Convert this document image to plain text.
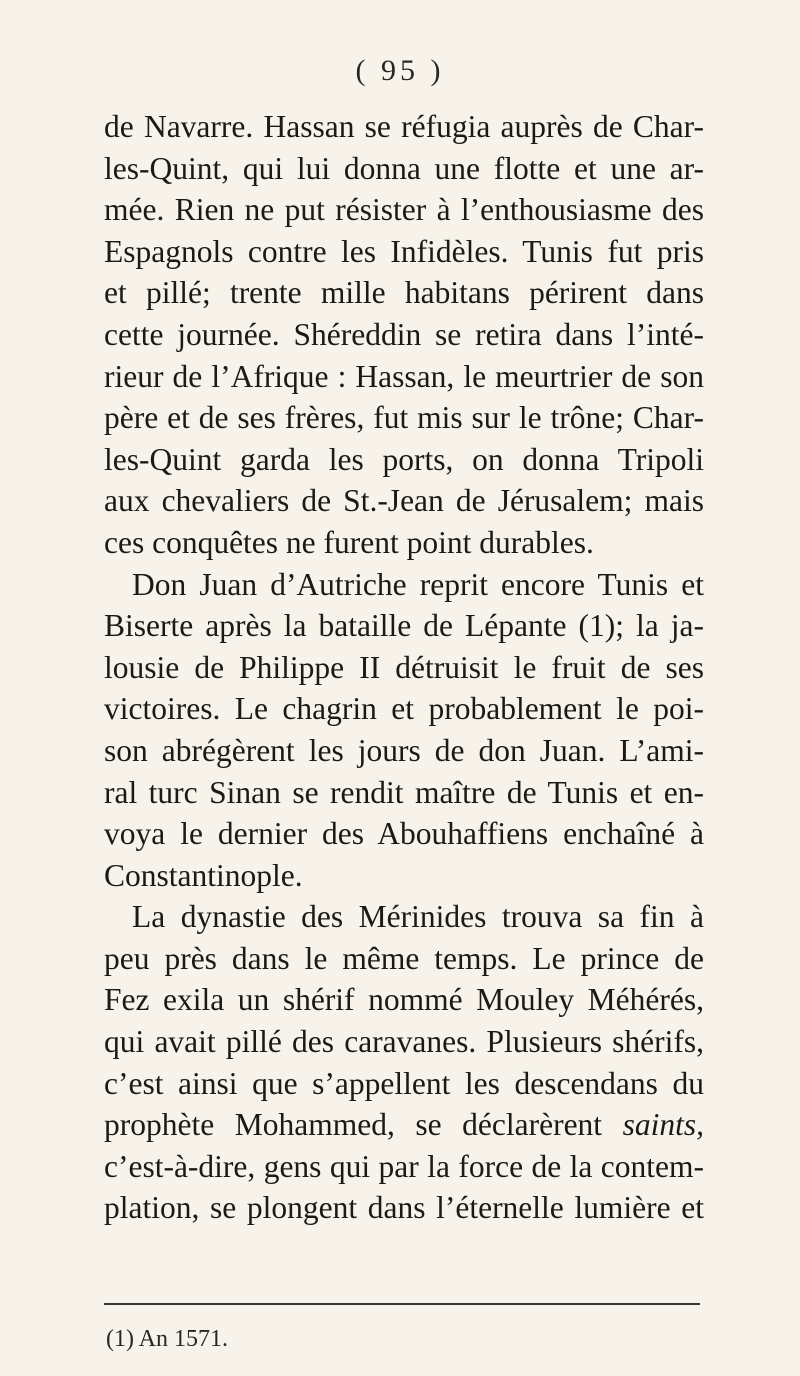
( 95 )
de Navarre. Hassan se réfugia auprès de Char-
les-Quint, qui lui donna une flotte et une ar-
mée. Rien ne put résister à l’enthousiasme des
Espagnols contre les Infidèles. Tunis fut pris
et pillé; trente mille habitans périrent dans
cette journée. Shéreddin se retira dans l’inté-
rieur de l’Afrique : Hassan, le meurtrier de son
père et de ses frères, fut mis sur le trône; Char-
les-Quint garda les ports, on donna Tripoli
aux chevaliers de St.-Jean de Jérusalem; mais
ces conquêtes ne furent point durables.
Don Juan d’Autriche reprit encore Tunis et
Biserte après la bataille de Lépante (1); la ja-
lousie de Philippe II détruisit le fruit de ses
victoires. Le chagrin et probablement le poi-
son abrégèrent les jours de don Juan. L’ami-
ral turc Sinan se rendit maître de Tunis et en-
voya le dernier des Abouhaffiens enchaîné à
Constantinople.
La dynastie des Mérinides trouva sa fin à
peu près dans le même temps. Le prince de
Fez exila un shérif nommé Mouley Méhérés,
qui avait pillé des caravanes. Plusieurs shérifs,
c’est ainsi que s’appellent les descendans du
prophète Mohammed, se déclarèrent saints,
c’est-à-dire, gens qui par la force de la contem-
plation, se plongent dans l’éternelle lumière et
(1) An 1571.
